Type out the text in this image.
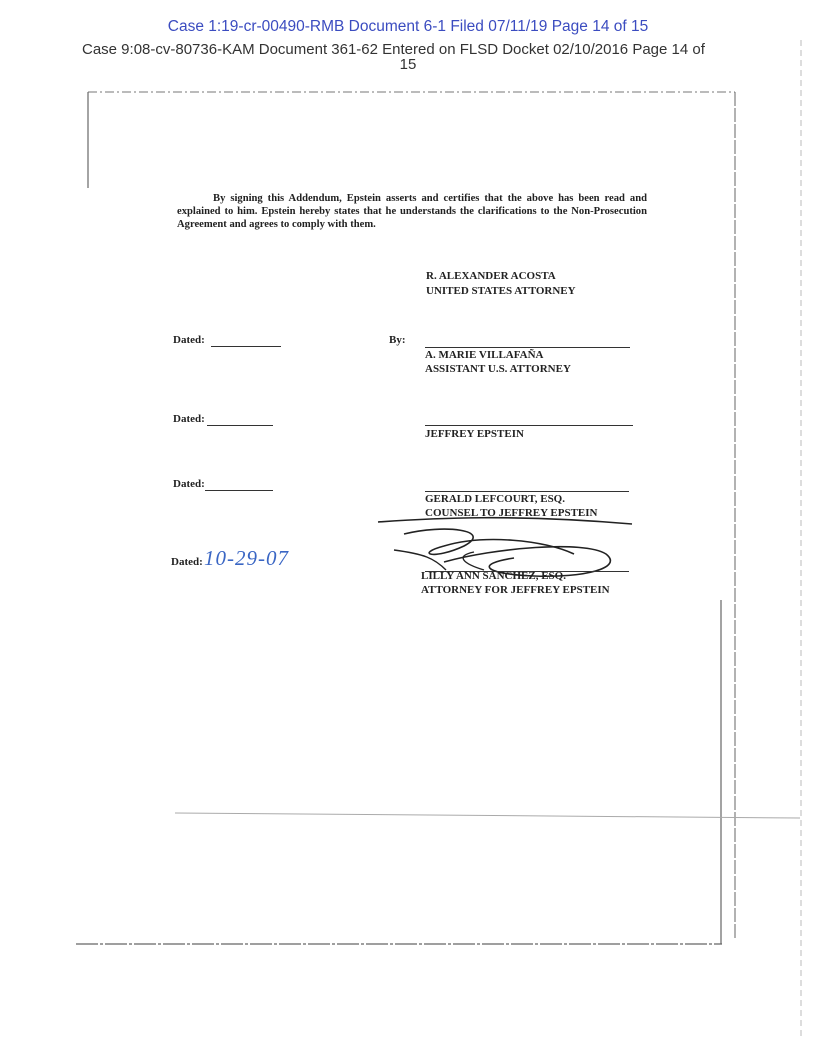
Case 1:19-cr-00490-RMB Document 6-1 Filed 07/11/19 Page 14 of 15
Case 9:08-cv-80736-KAM Document 361-62 Entered on FLSD Docket 02/10/2016 Page 14 of
15
By signing this Addendum, Epstein asserts and certifies that the above has been read and explained to him. Epstein hereby states that he understands the clarifications to the Non-Prosecution Agreement and agrees to comply with them.
R. ALEXANDER ACOSTA
UNITED STATES ATTORNEY
Dated:	By:
A. MARIE VILLAFAÑA
ASSISTANT U.S. ATTORNEY
Dated:
JEFFREY EPSTEIN
Dated:
GERALD LEFCOURT, ESQ.
COUNSEL TO JEFFREY EPSTEIN
Dated: 10-29-07
LILLY ANN SANCHEZ, ESQ.
ATTORNEY FOR JEFFREY EPSTEIN
